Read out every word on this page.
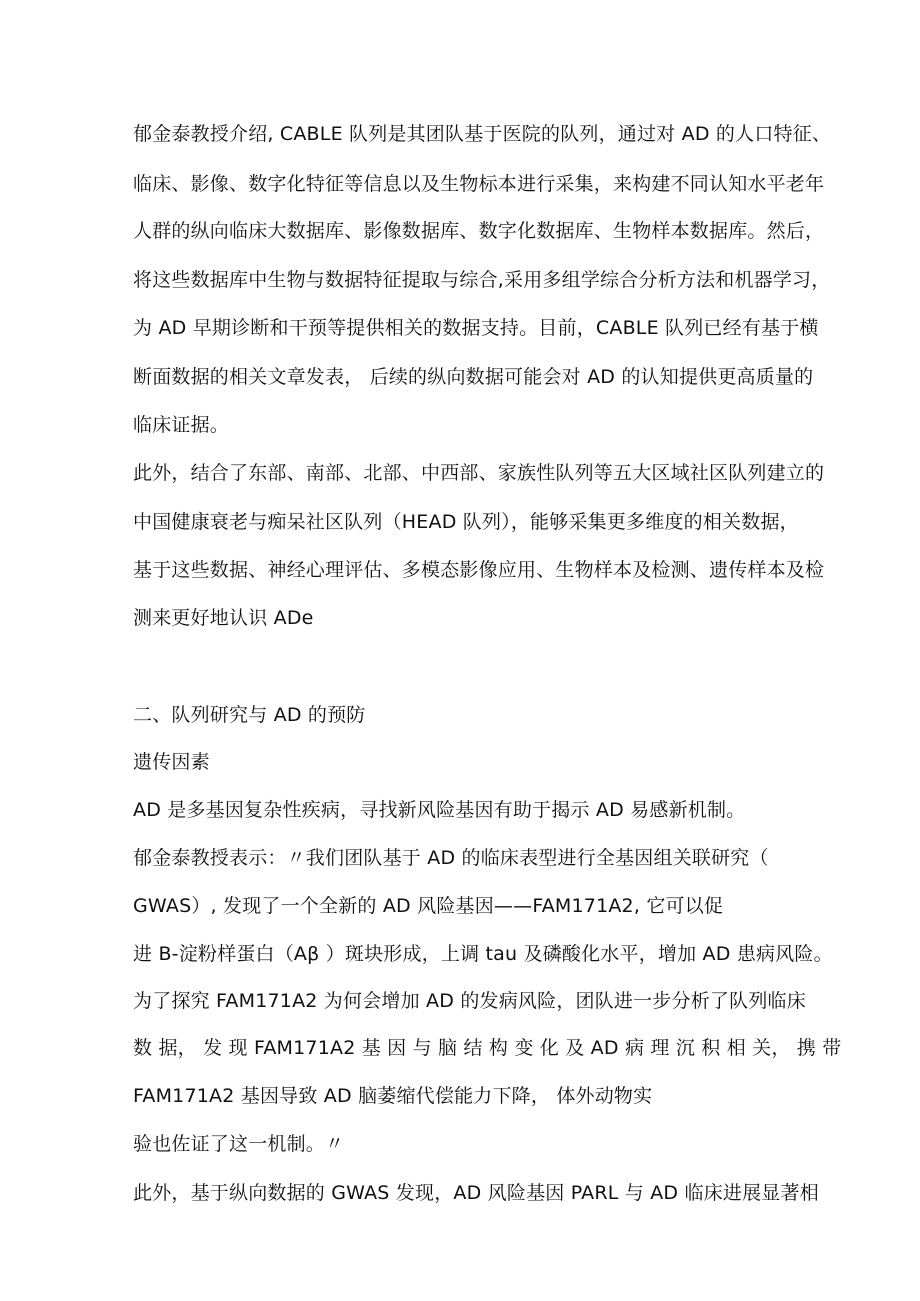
郁金泰教授介绍, CABLE 队列是其团队基于医院的队列，通过对 AD 的人口特征、
临床、影像、数字化特征等信息以及生物标本进行采集，来构建不同认知水平老年
人群的纵向临床大数据库、影像数据库、数字化数据库、生物样本数据库。然后，
将这些数据库中生物与数据特征提取与综合,采用多组学综合分析方法和机器学习，
为 AD 早期诊断和干预等提供相关的数据支持。目前，CABLE 队列已经有基于横
断面数据的相关文章发表， 后续的纵向数据可能会对 AD 的认知提供更高质量的
临床证据。
此外，结合了东部、南部、北部、中西部、家族性队列等五大区域社区队列建立的
中国健康衰老与痴呆社区队列（HEAD 队列），能够采集更多维度的相关数据，
基于这些数据、神经心理评估、多模态影像应用、生物样本及检测、遗传样本及检
测来更好地认识 ADe
二、队列研究与 AD 的预防
遗传因素
AD 是多基因复杂性疾病，寻找新风险基因有助于揭示 AD 易感新机制。
郁金泰教授表示：〃我们团队基于 AD 的临床表型进行全基因组关联研究（
GWAS）, 发现了一个全新的 AD 风险基因——FAM171A2, 它可以促
进 B-淀粉样蛋白（Aβ ）斑块形成，上调 tau 及磷酸化水平，增加 AD 患病风险。
为了探究 FAM171A2 为何会增加 AD 的发病风险，团队进一步分析了队列临床
数 据， 发 现 FAM171A2 基 因 与 脑 结 构 变 化 及 AD 病 理 沉 积 相 关， 携 带
FAM171A2 基因导致 AD 脑萎缩代偿能力下降， 体外动物实
验也佐证了这一机制。〃
此外，基于纵向数据的 GWAS 发现，AD 风险基因 PARL 与 AD 临床进展显著相
